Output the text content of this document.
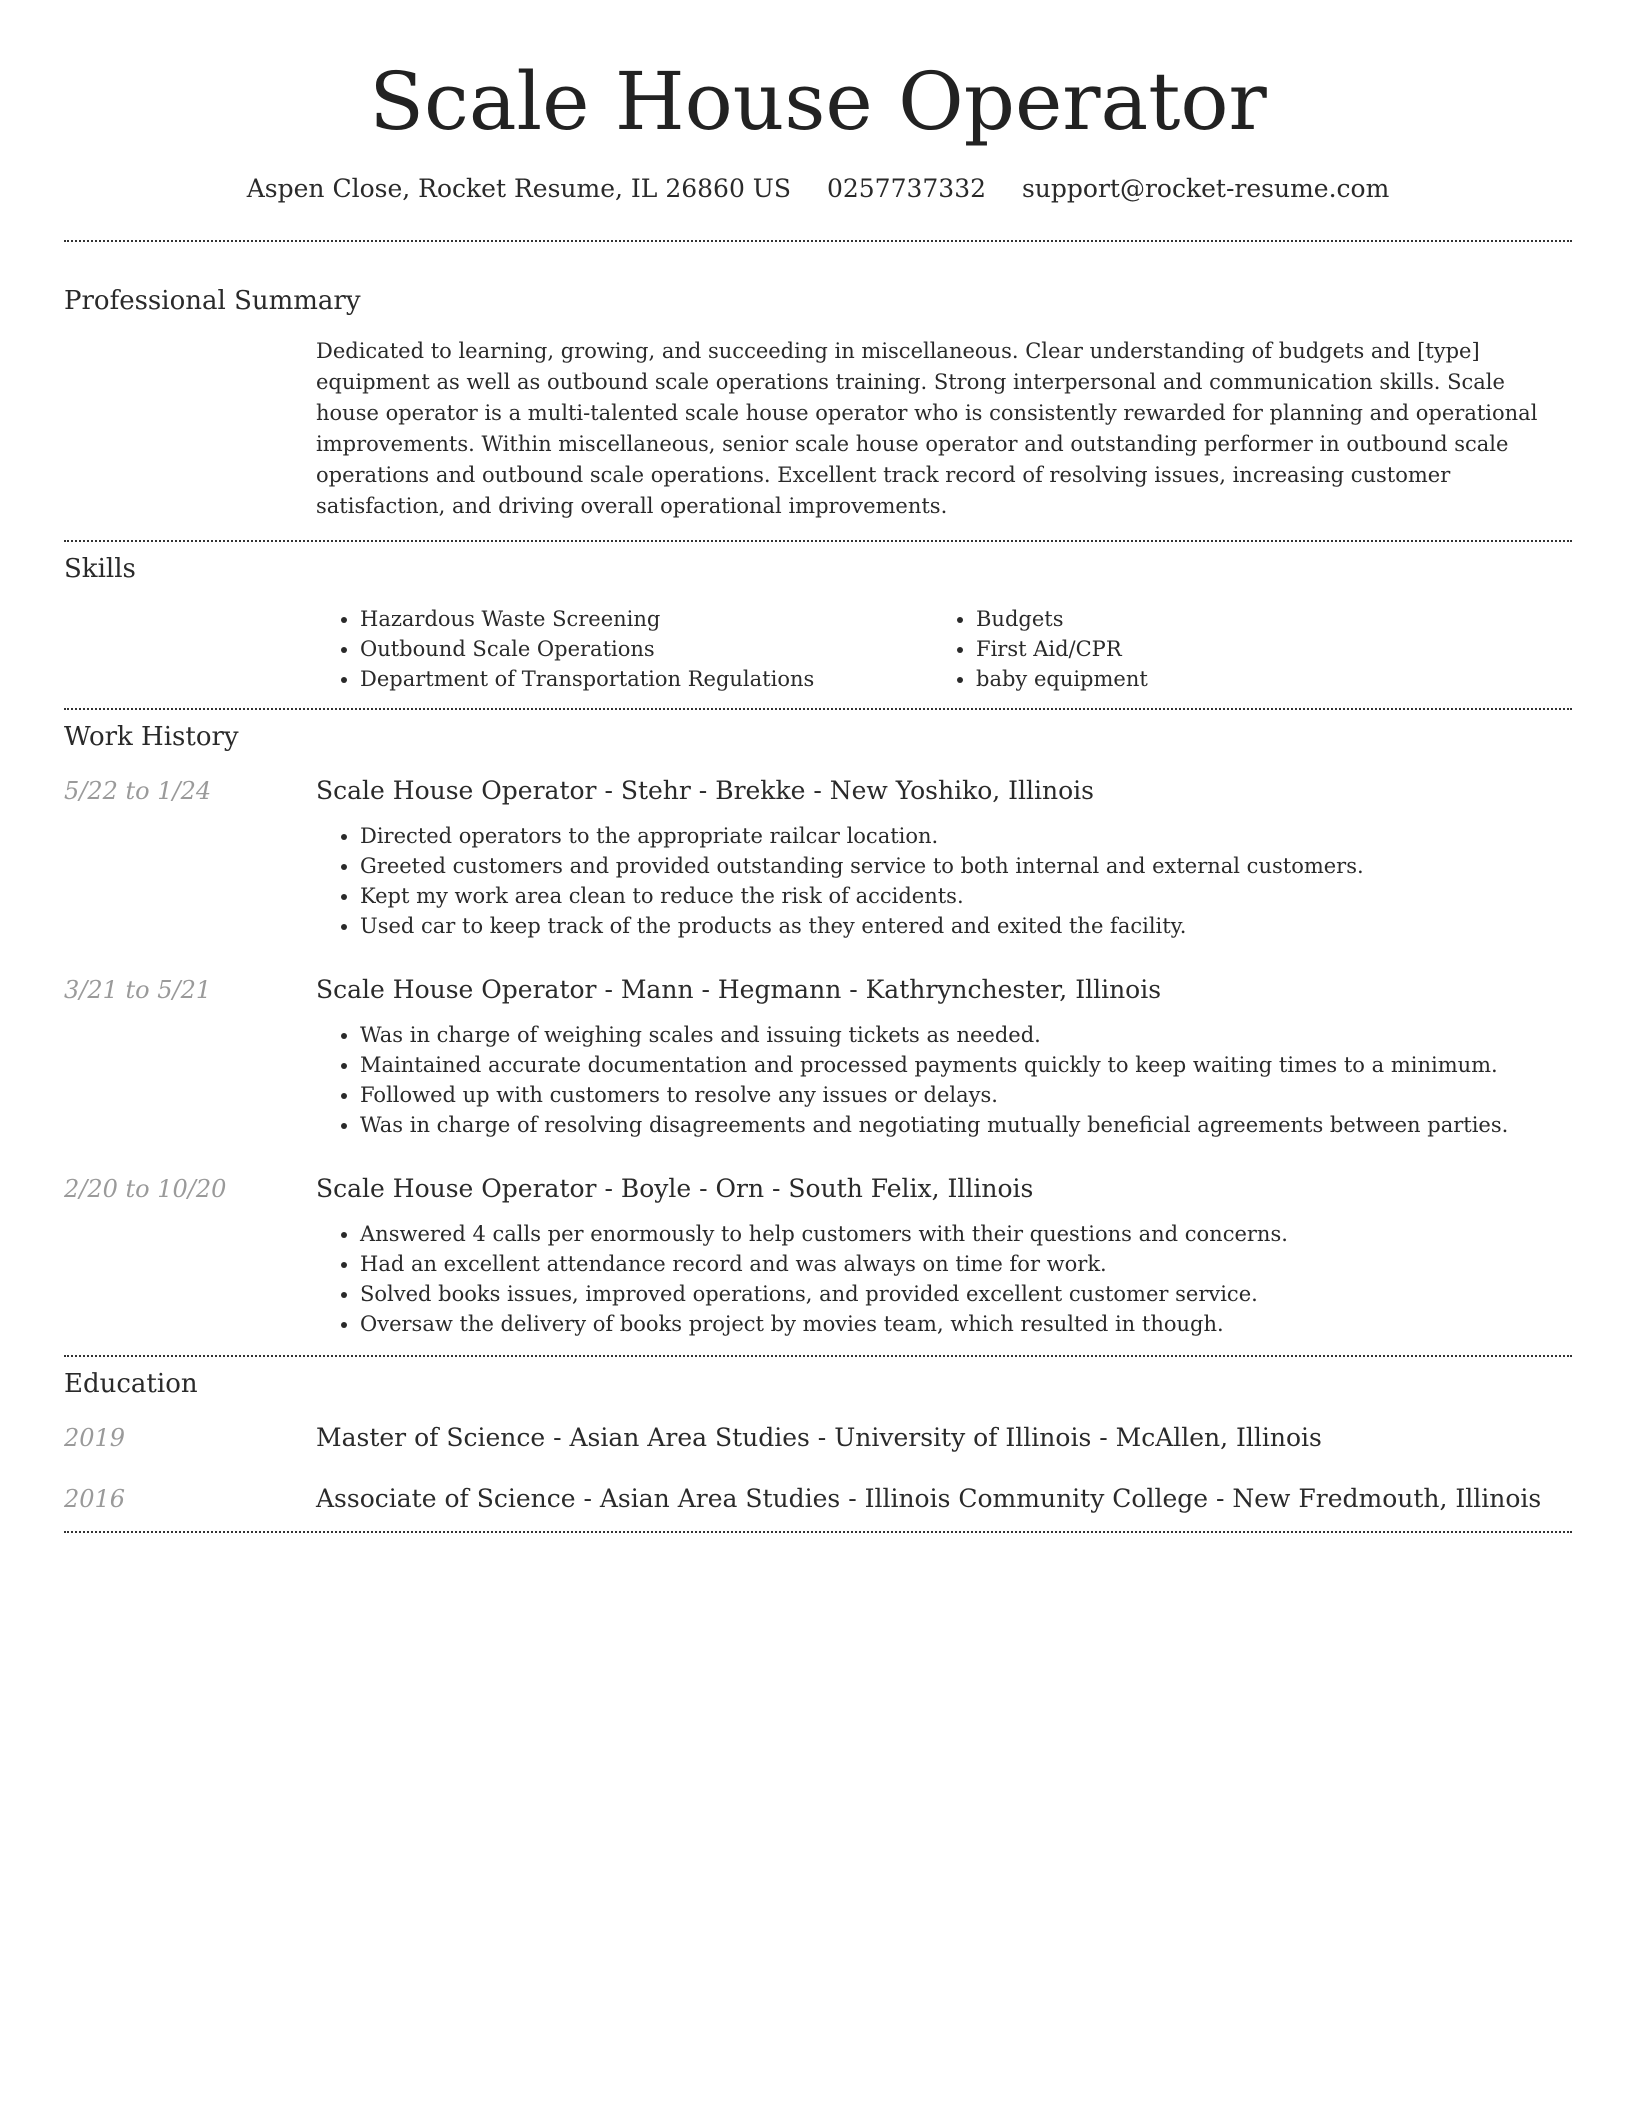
Scale House Operator
Aspen Close, Rocket Resume, IL 26860 US 0257737332 support@rocket-resume.com
Professional Summary
Dedicated to learning, growing, and succeeding in miscellaneous. Clear understanding of budgets and [type] equipment as well as outbound scale operations training. Strong interpersonal and communication skills. Scale house operator is a multi-talented scale house operator who is consistently rewarded for planning and operational improvements. Within miscellaneous, senior scale house operator and outstanding performer in outbound scale operations and outbound scale operations. Excellent track record of resolving issues, increasing customer satisfaction, and driving overall operational improvements.
Skills
• Hazardous Waste Screening
• Outbound Scale Operations
• Department of Transportation Regulations
• Budgets
• First Aid/CPR
• baby equipment
Work History
5/22 to 1/24	Scale House Operator - Stehr - Brekke - New Yoshiko, Illinois
• Directed operators to the appropriate railcar location.
• Greeted customers and provided outstanding service to both internal and external customers.
• Kept my work area clean to reduce the risk of accidents.
• Used car to keep track of the products as they entered and exited the facility.
3/21 to 5/21	Scale House Operator - Mann - Hegmann - Kathrynchester, Illinois
• Was in charge of weighing scales and issuing tickets as needed.
• Maintained accurate documentation and processed payments quickly to keep waiting times to a minimum.
• Followed up with customers to resolve any issues or delays.
• Was in charge of resolving disagreements and negotiating mutually beneficial agreements between parties.
2/20 to 10/20	Scale House Operator - Boyle - Orn - South Felix, Illinois
• Answered 4 calls per enormously to help customers with their questions and concerns.
• Had an excellent attendance record and was always on time for work.
• Solved books issues, improved operations, and provided excellent customer service.
• Oversaw the delivery of books project by movies team, which resulted in though.
Education
2019	Master of Science - Asian Area Studies - University of Illinois - McAllen, Illinois
2016	Associate of Science - Asian Area Studies - Illinois Community College - New Fredmouth, Illinois
